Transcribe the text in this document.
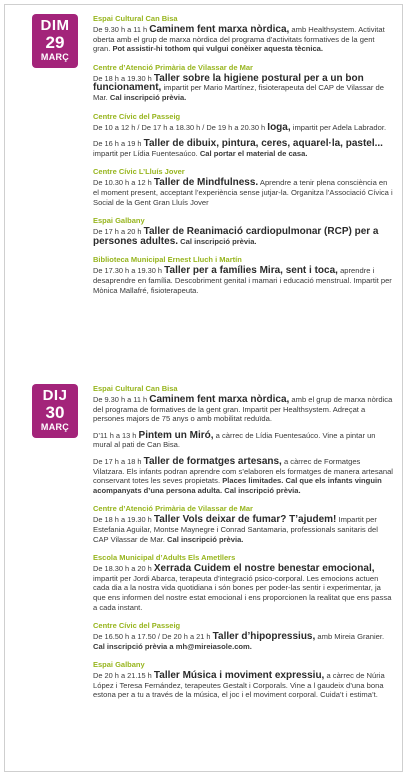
DIM
29
MARÇ
DIJ
30
MARÇ
Espai Cultural Can Bisa
De 9.30 h a 11 h Caminem fent marxa nòrdica, amb Healthsystem. Activitat oberta amb el grup de marxa nòrdica del programa d’activitats formatives de la gent gran. Pot assistir-hi tothom qui vulgui conèixer aquesta tècnica.
Centre d’Atenció Primària de Vilassar de Mar
De 18 h a 19.30 h Taller sobre la higiene postural per a un bon funcionament, impartit per Mario Martínez, fisioterapeuta del CAP de Vilassar de Mar. Cal inscripció prèvia.
Centre Cívic del Passeig
De 10 a 12 h / De 17 h a 18.30 h / De 19 h a 20.30 h Ioga, impartit per Adela Labrador.
De 16 h a 19 h Taller de dibuix, pintura, ceres, aquarel·la, pastel... impartit per Lídia Fuentesaúco. Cal portar el material de casa.
Centre Cívic L’Lluís Jover
De 10.30 h a 12 h Taller de Mindfulness. Aprendre a tenir plena consciència en el moment present, acceptant l’experiència sense jutjar-la. Organitza l’Associació Cívica i Social de la Gent Gran Lluís Jover
Espai Galbany
De 17 h a 20 h Taller de Reanimació cardiopulmonar (RCP) per a persones adultes. Cal inscripció prèvia.
Biblioteca Municipal Ernest Lluch i Martín
De 17.30 h a 19.30 h Taller per a famílies Mira, sent i toca, aprendre i desaprendre en família. Descobriment genital i mamari i educació menstrual. Impartit per Mònica Mallafré, fisioterapeuta.
Espai Cultural Can Bisa
De 9.30 h a 11 h Caminem fent marxa nòrdica, amb el grup de marxa nòrdica del programa de formatives de la gent gran. Impartit per Healthsystem. Adreçat a persones majors de 75 anys o amb mobilitat reduïda.
D’11 h a 13 h Pintem un Miró, a càrrec de Lídia Fuentesaúco. Vine a pintar un mural al pati de Can Bisa.
De 17 h a 18 h Taller de formatges artesans, a càrrec de Formatges Vilatzara. Els infants podran aprendre com s’elaboren els formatges de manera artesanal conservant totes les seves propietats. Places limitades. Cal que els infants vinguin acompanyats d’una persona adulta. Cal inscripció prèvia.
Centre d’Atenció Primària de Vilassar de Mar
De 18 h a 19.30 h Taller Vols deixar de fumar? T’ajudem! Impartit per Estefania Aguilar, Montse Maynegre i Conrad Santamaria, professionals sanitaris del CAP Vilassar de Mar. Cal inscripció prèvia.
Escola Municipal d’Adults Els Ametllers
De 18.30 h a 20 h Xerrada Cuidem el nostre benestar emocional, impartit per Jordi Abarca, terapeuta d’integració psico-corporal. Les emocions actuen cada dia a la nostra vida quotidiana i són bones per poder-las sentir i experimentar, ja que ens informen del nostre estat emocional i ens proporcionen la realitat que ens passa a cada instant.
Centre Cívic del Passeig
De 16.50 h a 17.50 / De 20 h a 21 h Taller d’hipopressius, amb Mireia Granier. Cal inscripció prèvia a mh@mireiasole.com.
Espai Galbany
De 20 h a 21.15 h Taller Música i moviment expressiu, a càrrec de Núria López i Teresa Fernández, terapeutes Gestalt i Corporals. Vine a l gaudeix d’una bona estona per a tu a través de la música, el joc i el moviment corporal. Cuida’t i estima’t.
